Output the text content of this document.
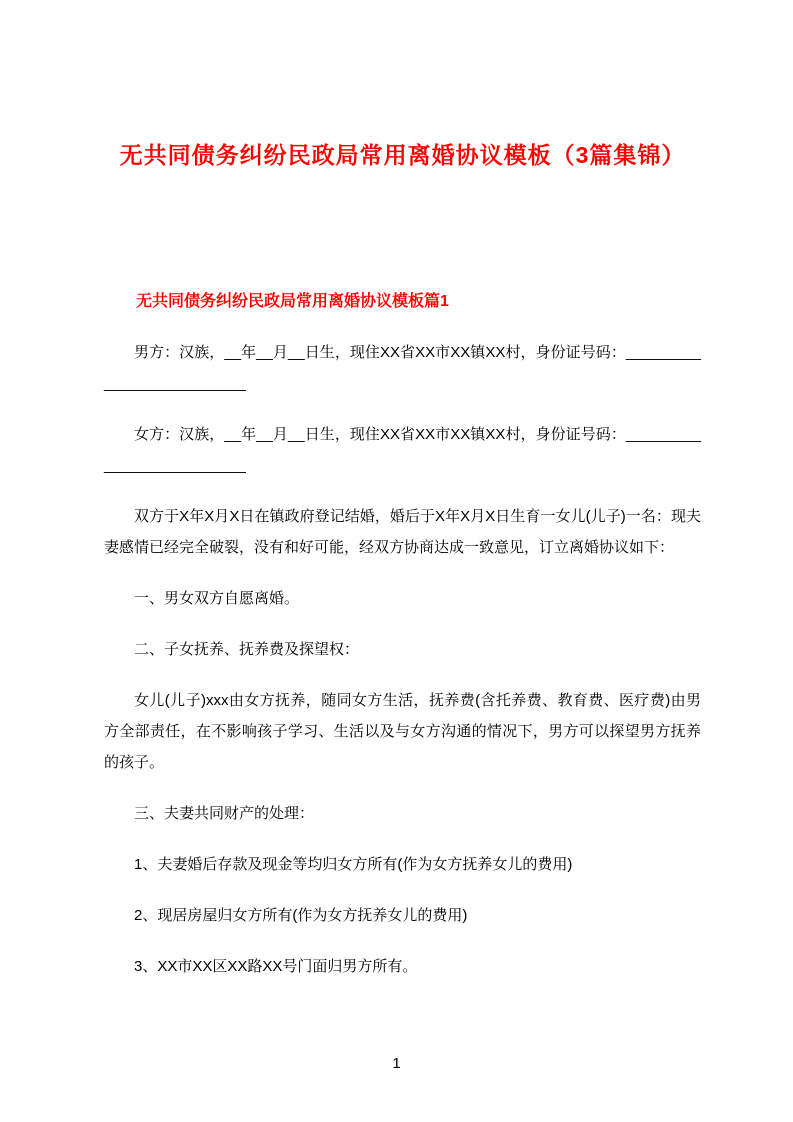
无共同债务纠纷民政局常用离婚协议模板（3篇集锦）
无共同债务纠纷民政局常用离婚协议模板篇1

男方：汉族，__年__月__日生，现住XX省XX市XX镇XX村，身份证号码：__________________________

女方：汉族，__年__月__日生，现住XX省XX市XX镇XX村，身份证号码：__________________________

双方于X年X月X日在镇政府登记结婚，婚后于X年X月X日生育一女儿(儿子)一名：现夫妻感情已经完全破裂，没有和好可能，经双方协商达成一致意见，订立离婚协议如下：

一、男女双方自愿离婚。

二、子女抚养、抚养费及探望权：

女儿(儿子)xxx由女方抚养，随同女方生活，抚养费(含托养费、教育费、医疗费)由男方全部责任，在不影响孩子学习、生活以及与女方沟通的情况下，男方可以探望男方抚养的孩子。

三、夫妻共同财产的处理：

1、夫妻婚后存款及现金等均归女方所有(作为女方抚养女儿的费用)

2、现居房屋归女方所有(作为女方抚养女儿的费用)

3、XX市XX区XX路XX号门面归男方所有。

1
